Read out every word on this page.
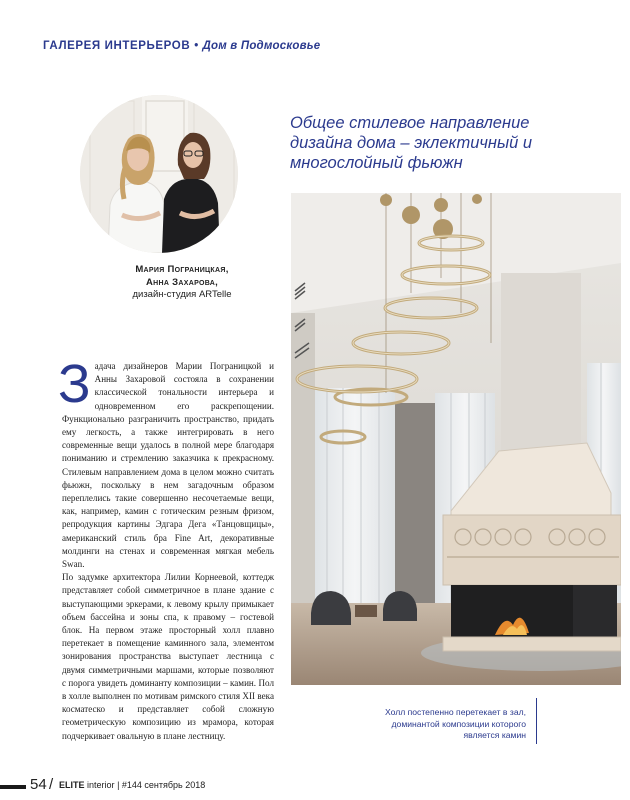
ГАЛЕРЕЯ ИНТЕРЬЕРОВ • Дом в Подмосковье
Мария Пограницкая,
Анна Захарова,
дизайн-студия ARTelle
Общее стилевое направление дизайна дома – эклектичный и многослойный фьюжн

Задача дизайнеров Марии Пограницкой и Анны Захаровой состояла в сохранении классической тональности интерьера и одновременном его раскрепощении. Функционально разграничить пространство, придать ему легкость, а также интегрировать в него современные вещи удалось в полной мере благодаря пониманию и стремлению заказчика к прекрасному. Стилевым направлением дома в целом можно считать фьюжн, поскольку в нем загадочным образом переплелись такие совершенно несочетаемые вещи, как, например, камин с готическим резным фризом, репродукция картины Эдгара Дега «Танцовщицы», американский стиль бра Fine Art, декоративные молдинги на стенах и современная мягкая мебель Swan.

По задумке архитектора Лилии Корнеевой, коттедж представляет собой симметричное в плане здание с выступающими эркерами, к левому крылу примыкает объем бассейна и зоны спа, к правому – гостевой блок. На первом этаже просторный холл плавно перетекает в помещение каминного зала, элементом зонирования пространства выступает лестница с двумя симметричными маршами, которые позволяют с порога увидеть доминанту композиции – камин. Пол в холле выполнен по мотивам римского стиля XII века косматеско и представляет собой сложную геометрическую композицию из мрамора, которая подчеркивает овальную в плане лестницу.

Холл постепенно перетекает в зал, доминантой композиции которого является камин
54 / ELITE interior | #144 сентябрь 2018
